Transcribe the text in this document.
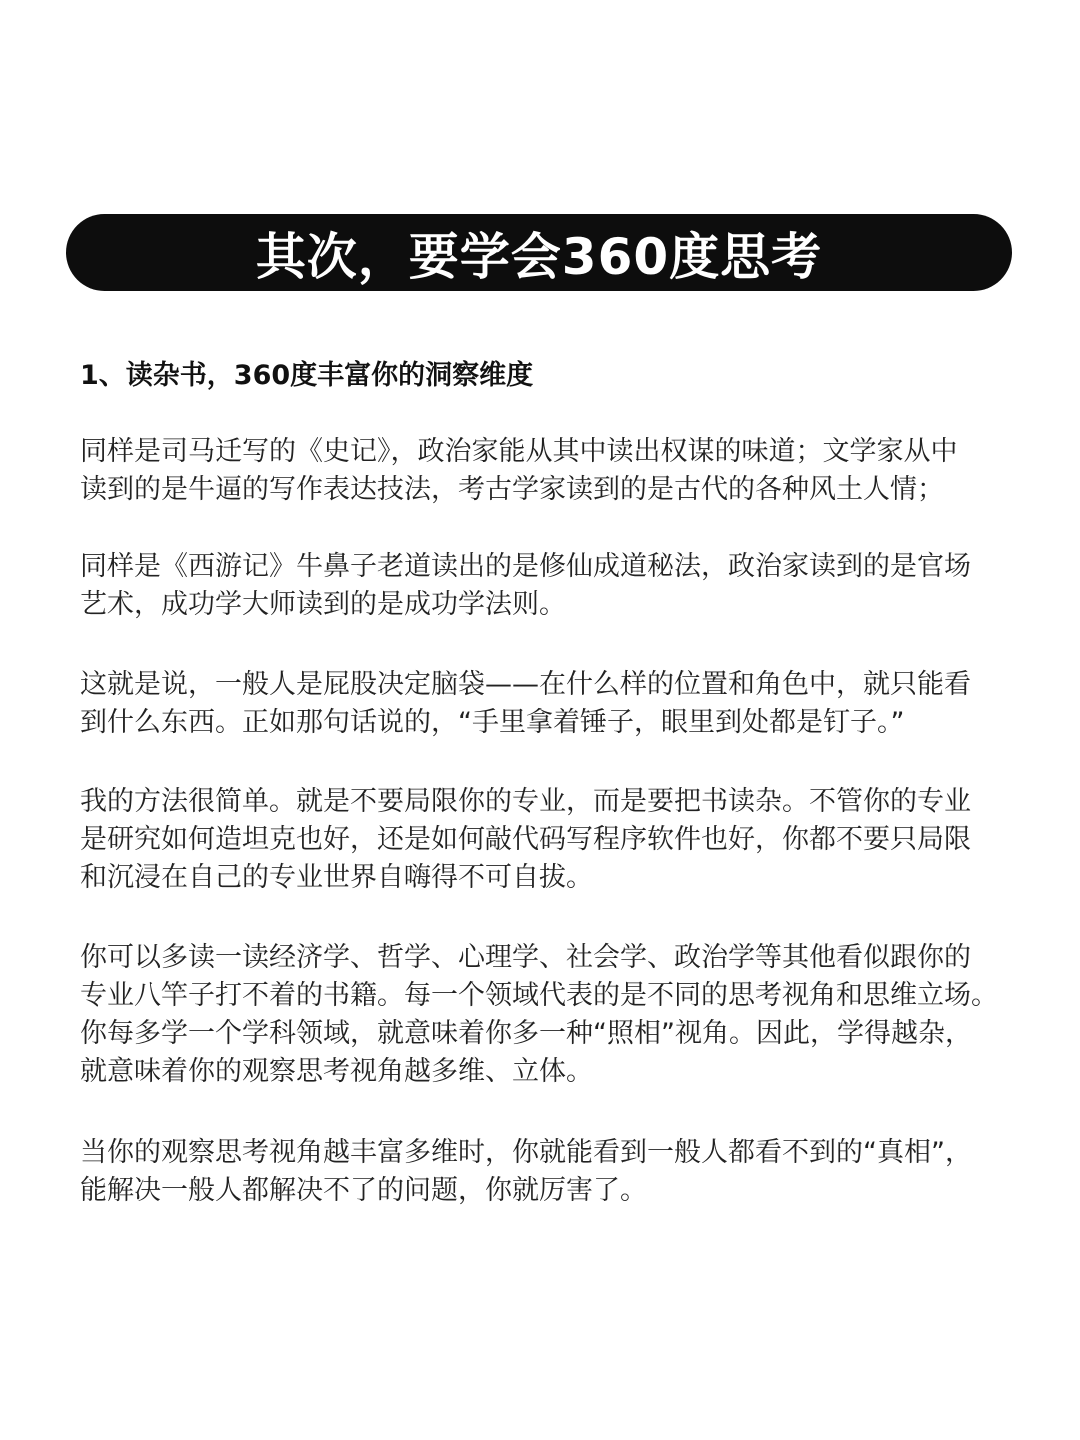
其次，要学会360度思考
1、读杂书，360度丰富你的洞察维度

同样是司马迁写的《史记》，政治家能从其中读出权谋的味道；文学家从中
读到的是牛逼的写作表达技法，考古学家读到的是古代的各种风土人情；

同样是《西游记》牛鼻子老道读出的是修仙成道秘法，政治家读到的是官场
艺术，成功学大师读到的是成功学法则。

这就是说，一般人是屁股决定脑袋——在什么样的位置和角色中，就只能看
到什么东西。正如那句话说的，“手里拿着锤子，眼里到处都是钉子。”

我的方法很简单。就是不要局限你的专业，而是要把书读杂。不管你的专业
是研究如何造坦克也好，还是如何敲代码写程序软件也好，你都不要只局限
和沉浸在自己的专业世界自嗨得不可自拔。

你可以多读一读经济学、哲学、心理学、社会学、政治学等其他看似跟你的
专业八竿子打不着的书籍。每一个领域代表的是不同的思考视角和思维立场。
你每多学一个学科领域，就意味着你多一种“照相”视角。因此，学得越杂，
就意味着你的观察思考视角越多维、立体。

当你的观察思考视角越丰富多维时，你就能看到一般人都看不到的“真相”，
能解决一般人都解决不了的问题，你就厉害了。
